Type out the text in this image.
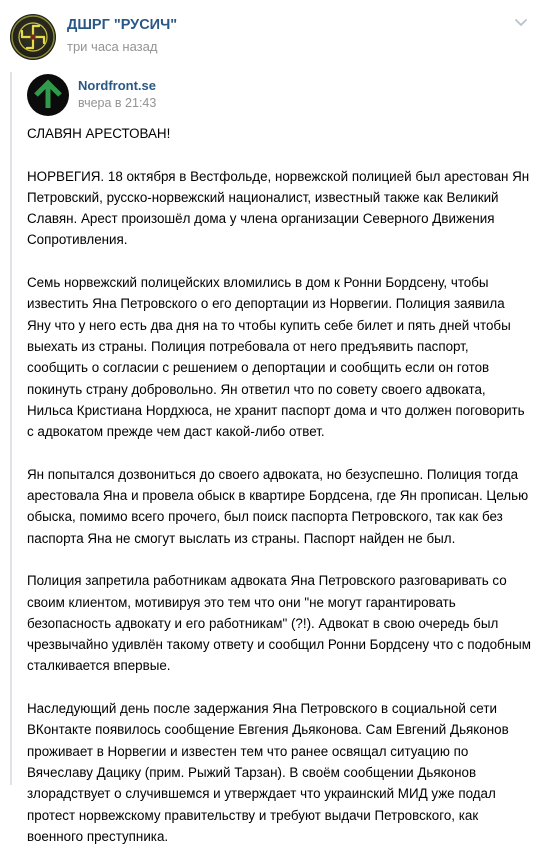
ДШРГ "РУСИЧ"
три часа назад
Nordfront.se
вчера в 21:43

СЛАВЯН АРЕСТОВАН!

НОРВЕГИЯ. 18 октября в Вестфольде, норвежской полицией был арестован Ян Петровский, русско-норвежский националист, известный также как Великий Славян. Арест произошёл дома у члена организации Северного Движения Сопротивления.

Семь норвежский полицейских вломились в дом к Ронни Бордсену, чтобы известить Яна Петровского о его депортации из Норвегии. Полиция заявила Яну что у него есть два дня на то чтобы купить себе билет и пять дней чтобы выехать из страны. Полиция потребовала от него предъявить паспорт, сообщить о согласии с решением о депортации и сообщить если он готов покинуть страну добровольно. Ян ответил что по совету своего адвоката, Нильса Кристиана Нордхюса, не хранит паспорт дома и что должен поговорить с адвокатом прежде чем даст какой-либо ответ.

Ян попытался дозвониться до своего адвоката, но безуспешно. Полиция тогда арестовала Яна и провела обыск в квартире Бордсена, где Ян прописан. Целью обыска, помимо всего прочего, был поиск паспорта Петровского, так как без паспорта Яна не смогут выслать из страны. Паспорт найден не был.

Полиция запретила работникам адвоката Яна Петровского разговаривать со своим клиентом, мотивируя это тем что они "не могут гарантировать безопасность адвокату и его работникам" (?!). Адвокат в свою очередь был чрезвычайно удивлён такому ответу и сообщил Ронни Бордсену что с подобным сталкивается впервые.

Наследующий день после задержания Яна Петровского в социальной сети ВКонтакте появилось сообщение Евгения Дьяконова. Сам Евгений Дьяконов проживает в Норвегии и известен тем что ранее освящал ситуацию по Вячеславу Дацику (прим. Рыжий Тарзан). В своём сообщении Дьяконов злорадствует о случившемся и утверждает что украинский МИД уже подал протест норвежскому правительству и требуют выдачи Петровского, как военного преступника.
